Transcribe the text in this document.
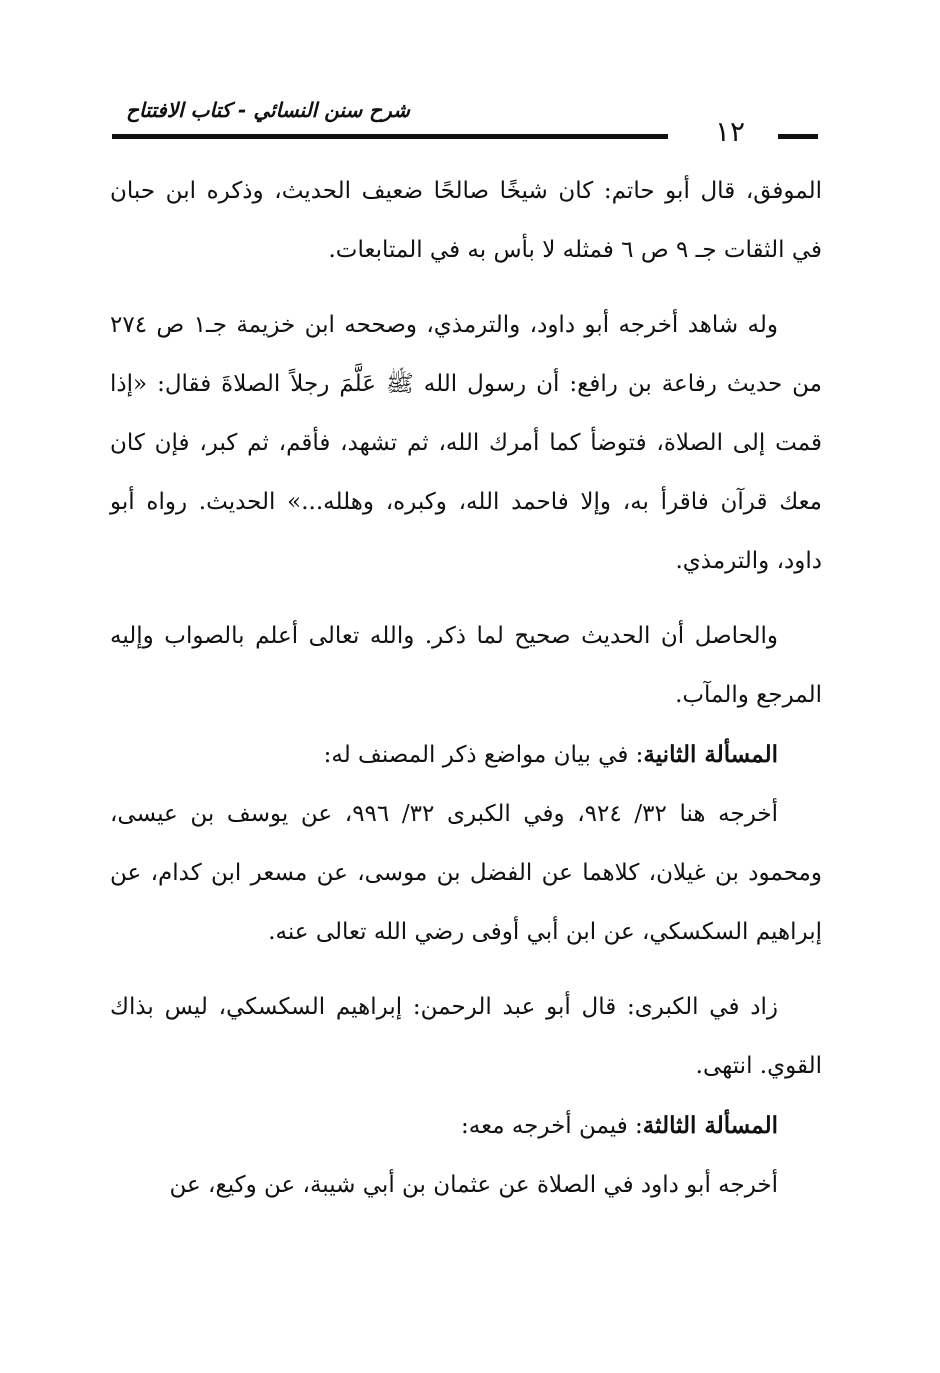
شرح سنن النسائي - كتاب الافتتاح
١٢

الموفق، قال أبو حاتم: كان شيخًا صالحًا ضعيف الحديث، وذكره ابن حبان في الثقات جـ ٩ ص ٦ فمثله لا بأس به في المتابعات.

وله شاهد أخرجه أبو داود، والترمذي، وصححه ابن خزيمة جـ١ ص ٢٧٤ من حديث رفاعة بن رافع: أن رسول الله ﷺ عَلَّمَ رجلاً الصلاةَ فقال: «إذا قمت إلى الصلاة، فتوضأ كما أمرك الله، ثم تشهد، فأقم، ثم كبر، فإن كان معك قرآن فاقرأ به، وإلا فاحمد الله، وكبره، وهلله...» الحديث. رواه أبو داود، والترمذي.

والحاصل أن الحديث صحيح لما ذكر. والله تعالى أعلم بالصواب وإليه المرجع والمآب.

المسألة الثانية: في بيان مواضع ذكر المصنف له:

أخرجه هنا ٣٢/ ٩٢٤، وفي الكبرى ٣٢/ ٩٩٦، عن يوسف بن عيسى، ومحمود بن غيلان، كلاهما عن الفضل بن موسى، عن مسعر ابن كدام، عن إبراهيم السكسكي، عن ابن أبي أوفى رضي الله تعالى عنه.

زاد في الكبرى: قال أبو عبد الرحمن: إبراهيم السكسكي، ليس بذاك القوي. انتهى.

المسألة الثالثة: فيمن أخرجه معه:

أخرجه أبو داود في الصلاة عن عثمان بن أبي شيبة، عن وكيع، عن
